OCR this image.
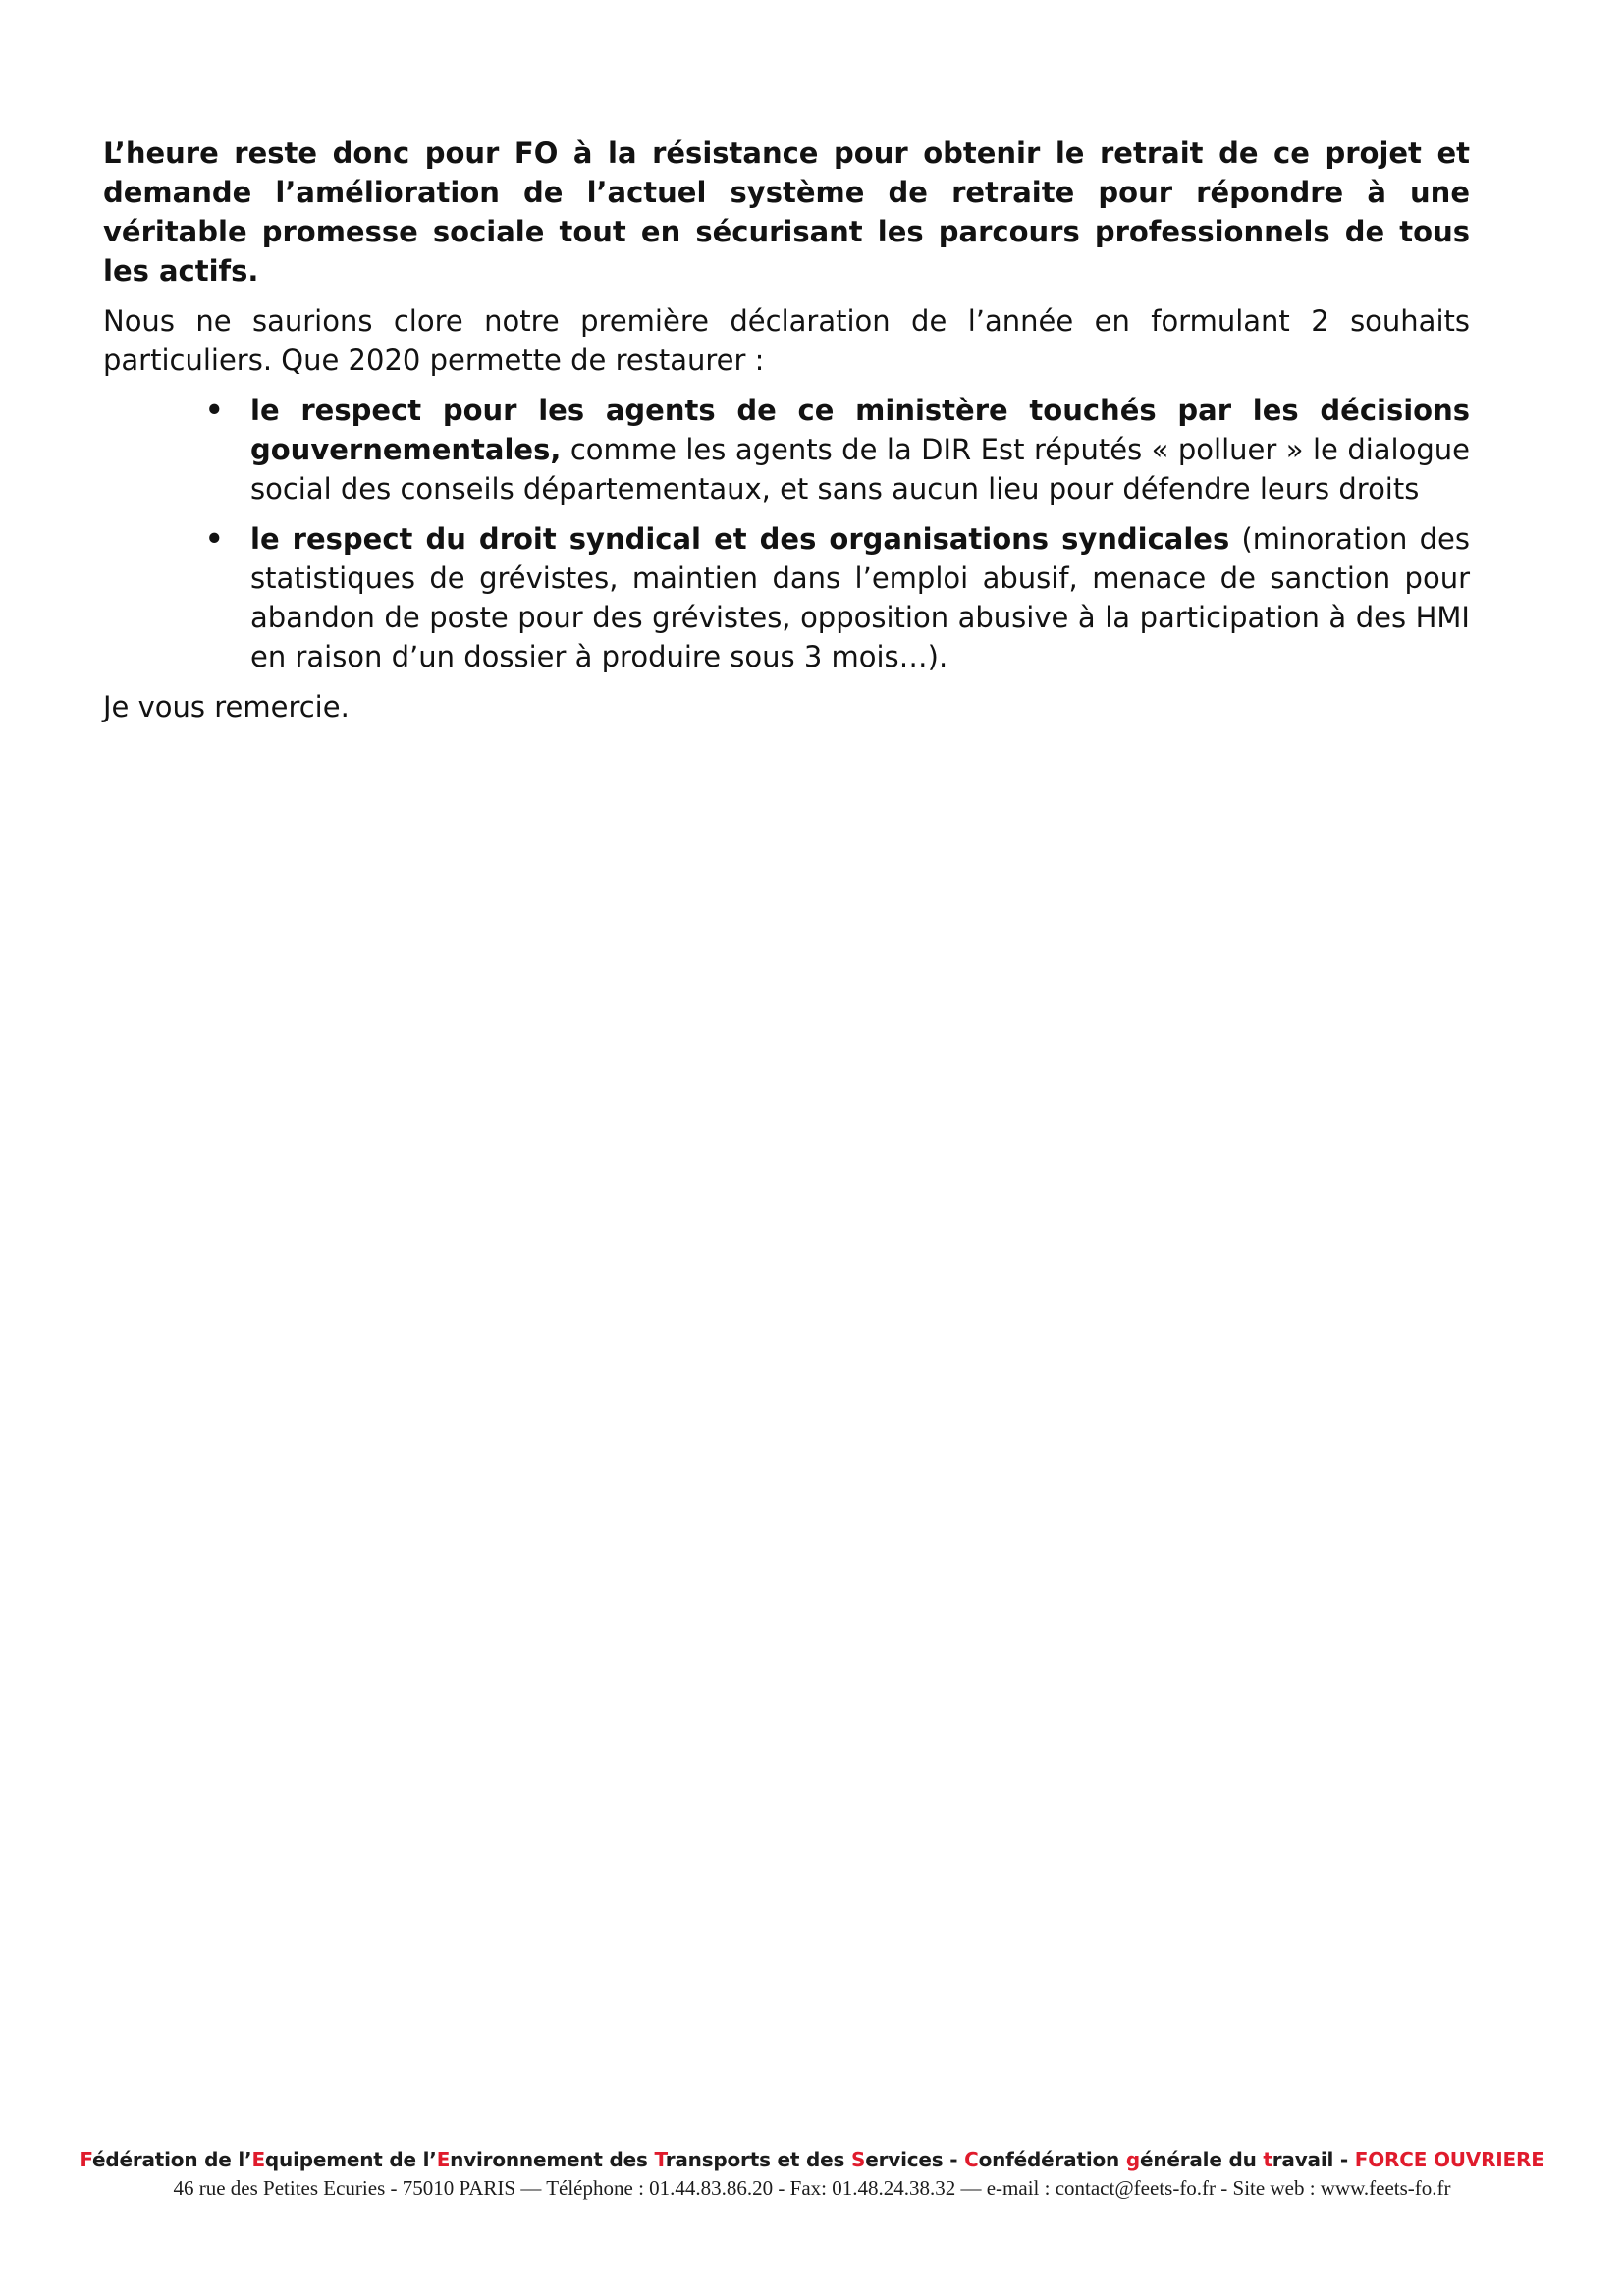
L’heure reste donc pour FO à la résistance pour obtenir le retrait de ce projet et demande l’amélioration de l’actuel système de retraite pour répondre à une véritable promesse sociale tout en sécurisant les parcours professionnels de tous les actifs.

Nous ne saurions clore notre première déclaration de l’année en formulant 2 souhaits particuliers. Que 2020 permette de restaurer :

• le respect pour les agents de ce ministère touchés par les décisions gouvernementales, comme les agents de la DIR Est réputés « polluer » le dialogue social des conseils départementaux, et sans aucun lieu pour défendre leurs droits

• le respect du droit syndical et des organisations syndicales (minoration des statistiques de grévistes, maintien dans l’emploi abusif, menace de sanction pour abandon de poste pour des grévistes, opposition abusive à la participation à des HMI en raison d’un dossier à produire sous 3 mois…).

Je vous remercie.

Fédération de l’Equipement de l’Environnement des Transports et des Services - Confédération générale du travail - FORCE OUVRIERE
46 rue des Petites Ecuries - 75010 PARIS — Téléphone : 01.44.83.86.20 - Fax: 01.48.24.38.32 — e-mail : contact@feets-fo.fr - Site web : www.feets-fo.fr
